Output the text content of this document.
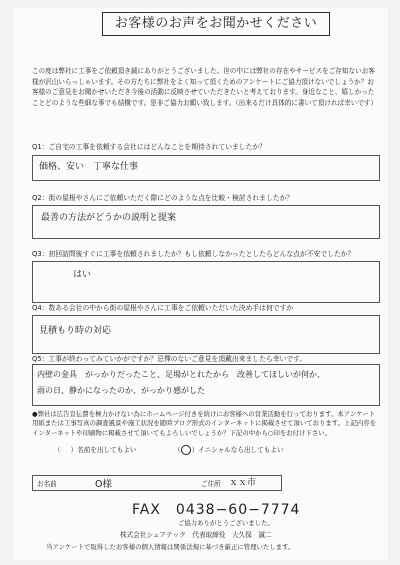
お客様のお声をお聞かせください
この度は弊社に工事をご依頼頂き誠にありがとうございました。世の中には弊社の存在やサービスをご存知ないお客様が沢山いらっしゃいます。その方たちに弊社をよく知って頂くためのアンケートにご協力頂けないでしょうか？お客様のご意見をお聞かせいただき今後の活動に反映させていただきたいと考えております。身近なこと、嬉しかったことどのような些細な事でも結構です。是非ご協力お願い致します。（出来るだけ具体的に書いて頂ければ幸いです）
Q1：ご自宅の工事を依頼する会社にはどんなことを期待されていましたか？
価格、安い　丁寧な仕事
Q2：街の屋根やさんにご依頼いただく際にどのような点を比較・検討されましたか？
最善の方法がどうかの説明と提案
Q3：初回訪問後すぐに工事を依頼されましたか？もし依頼しなかったとしたらどんな点が不安でしたか？
はい
Q4：数ある会社の中から街の屋根やさんに工事をご依頼いただいた決め手は何ですか
見積もり時の対応
Q5：工事が終わってみていかがですか？忌憚のないご意見を頂戴出来ましたら幸いです。
内壁の金具　がっかりだったこと、足場がとれたから　改善してほしいが何か、
雨の日、静かになったのか、がっかり感がした
●弊社は広告宣伝費を極力かけない為にホームページ付きを続けにお客様への営業活動を行っております。本アンケート用紙または工事写真の調査風景や施工状況を随時ブログ形式のインターネットに掲載させて頂いております。上記内容をインターネットや印刷物に掲載させて頂いてもよろしいでしょうか？下記の中から○印をお付け下さい。
（ ）名前を出してもよい	（ ）イニシャルなら出してもよい
お名前	O様	ご住所 ｘｘ市
FAX　0438−60−7774
ご協力ありがとうございました。
株式会社シェアテック　代表取締役　大久保　誠二
当アンケートで取得したお客様の個人情報は関係法規に基づき厳正に管理いたします。
